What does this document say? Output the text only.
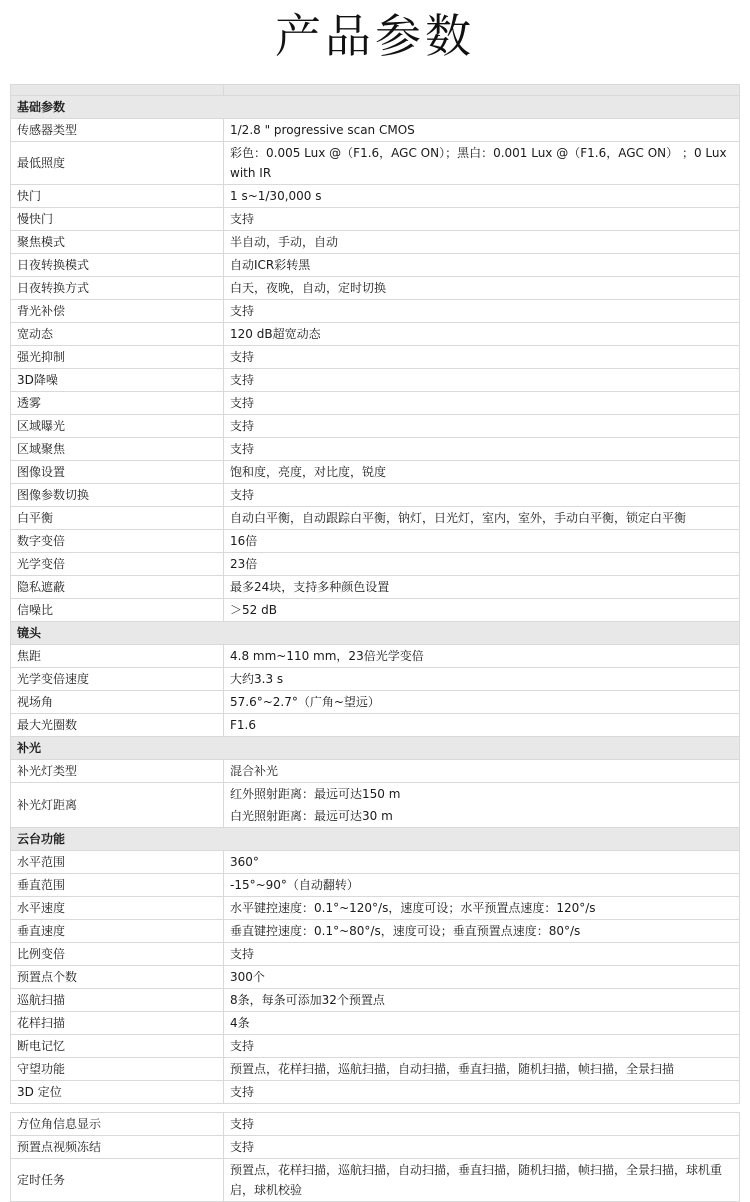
产品参数

基础参数	
传感器类型	1/2.8 " progressive scan CMOS
最低照度	彩色：0.005 Lux @（F1.6，AGC ON）；黑白：0.001 Lux @（F1.6，AGC ON） ；0 Lux with IR
快门	1 s~1/30,000 s
慢快门	支持
聚焦模式	半自动，手动，自动
日夜转换模式	自动ICR彩转黑
日夜转换方式	白天，夜晚，自动，定时切换
背光补偿	支持
宽动态	120 dB超宽动态
强光抑制	支持
3D降噪	支持
透雾	支持
区域曝光	支持
区域聚焦	支持
图像设置	饱和度，亮度，对比度，锐度
图像参数切换	支持
白平衡	自动白平衡，自动跟踪白平衡，钠灯，日光灯，室内，室外，手动白平衡，锁定白平衡
数字变倍	16倍
光学变倍	23倍
隐私遮蔽	最多24块，支持多种颜色设置
信噪比	＞52 dB
镜头	
焦距	4.8 mm~110 mm，23倍光学变倍
光学变倍速度	大约3.3 s
视场角	57.6°~2.7°（广角~望远）
最大光圈数	F1.6
补光	
补光灯类型	混合补光
补光灯距离	红外照射距离：最远可达150 m
白光照射距离：最远可达30 m

云台功能	
水平范围	360°
垂直范围	-15°~90°（自动翻转）
水平速度	水平键控速度：0.1°~120°/s，速度可设；水平预置点速度：120°/s
垂直速度	垂直键控速度：0.1°~80°/s，速度可设；垂直预置点速度：80°/s
比例变倍	支持
预置点个数	300个
巡航扫描	8条，每条可添加32个预置点
花样扫描	4条
断电记忆	支持
守望功能	预置点，花样扫描，巡航扫描，自动扫描，垂直扫描，随机扫描，帧扫描，全景扫描
3D 定位	支持

方位角信息显示	支持
预置点视频冻结	支持
定时任务	预置点，花样扫描，巡航扫描，自动扫描，垂直扫描，随机扫描，帧扫描，全景扫描，球机重启，球机校验
